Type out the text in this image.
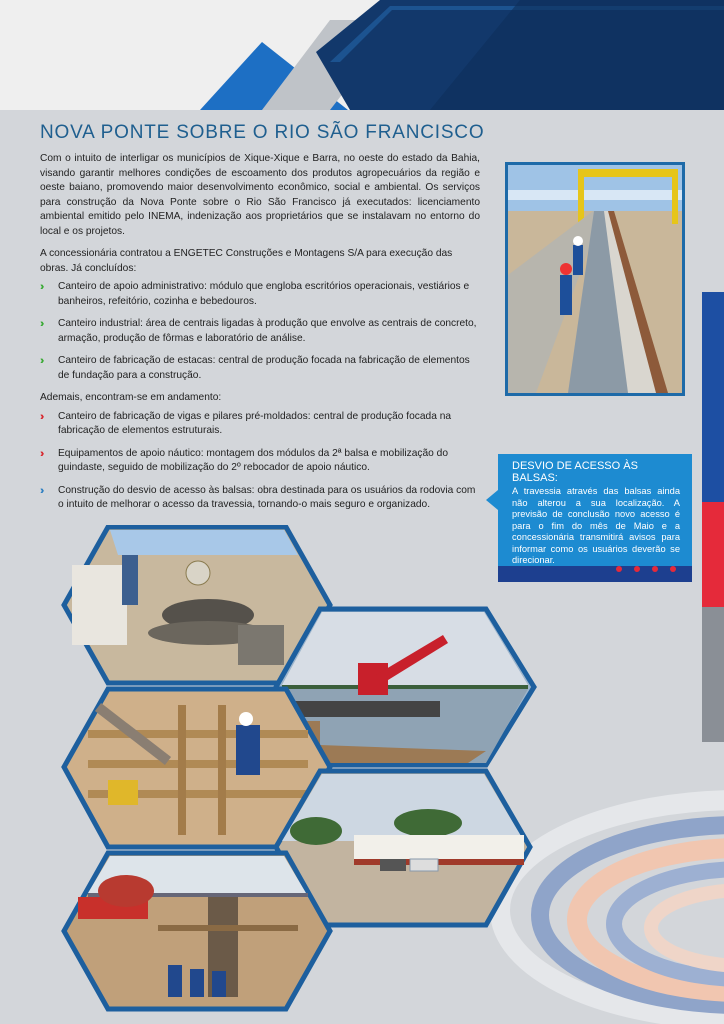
NOVA PONTE SOBRE O RIO SÃO FRANCISCO

Com o intuito de interligar os municípios de Xique-Xique e Barra, no oeste do estado da Bahia, visando garantir melhores condições de escoamento dos produtos agropecuários da região e oeste baiano, promovendo maior desenvolvimento econômico, social e ambiental. Os serviços para construção da Nova Ponte sobre o Rio São Francisco já executados: licenciamento ambiental emitido pelo INEMA, indenização aos proprietários que se instalavam no entorno do local e os projetos.

A concessionária contratou a ENGETEC Construções e Montagens S/A para execução das obras. Já concluídos:

›› Canteiro de apoio administrativo: módulo que engloba escritórios operacionais, vestiários e banheiros, refeitório, cozinha e bebedouros.
›› Canteiro industrial: área de centrais ligadas à produção que envolve as centrais de concreto, armação, produção de fôrmas e laboratório de análise.
›› Canteiro de fabricação de estacas: central de produção focada na fabricação de elementos de fundação para a construção.

Ademais, encontram-se em andamento:

›› Canteiro de fabricação de vigas e pilares pré-moldados: central de produção focada na fabricação de elementos estruturais.
›› Equipamentos de apoio náutico: montagem dos módulos da 2ª balsa e mobilização do guindaste, seguido de mobilização do 2º rebocador de apoio náutico.
›› Construção do desvio de acesso às balsas: obra destinada para os usuários da rodovia com o intuito de melhorar o acesso da travessia, tornando-o mais seguro e organizado.
DESVIO DE ACESSO ÀS BALSAS:
A travessia através das balsas ainda não alterou a sua localização. A previsão de conclusão novo acesso é para o fim do mês de Maio e a concessionária transmitirá avisos para informar como os usuários deverão se direcionar.
